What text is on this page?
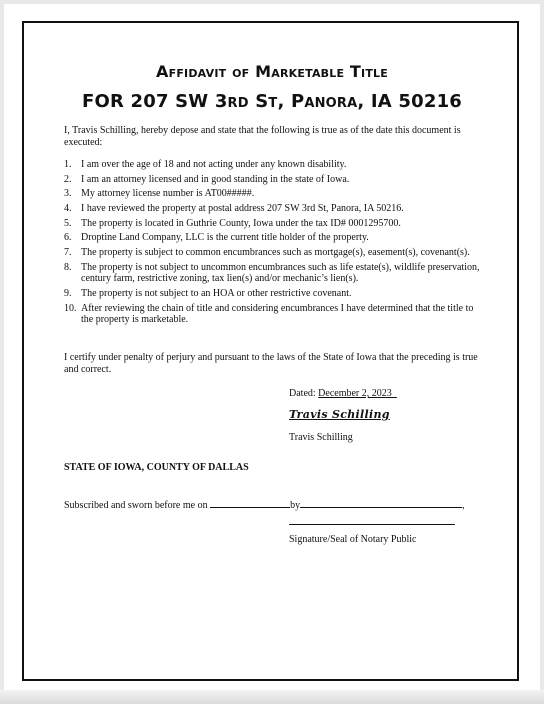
Affidavit of Marketable Title
FOR 207 SW 3rd St, Panora, IA 50216
I, Travis Schilling, hereby depose and state that the following is true as of the date this document is executed:
1. I am over the age of 18 and not acting under any known disability.
2. I am an attorney licensed and in good standing in the state of Iowa.
3. My attorney license number is AT00#####.
4. I have reviewed the property at postal address 207 SW 3rd St, Panora, IA 50216.
5. The property is located in Guthrie County, Iowa under the tax ID# 0001295700.
6. Droptine Land Company, LLC is the current title holder of the property.
7. The property is subject to common encumbrances such as mortgage(s), easement(s), covenant(s).
8. The property is not subject to uncommon encumbrances such as life estate(s), wildlife preservation, century farm, restrictive zoning, tax lien(s) and/or mechanic’s lien(s).
9. The property is not subject to an HOA or other restrictive covenant.
10. After reviewing the chain of title and considering encumbrances I have determined that the title to the property is marketable.
I certify under penalty of perjury and pursuant to the laws of the State of Iowa that the preceding is true and correct.
Dated: December 2, 2023_
Travis Schilling
Travis Schilling
STATE OF IOWA, COUNTY OF DALLAS
Subscribed and sworn before me on	by	,
Signature/Seal of Notary Public
